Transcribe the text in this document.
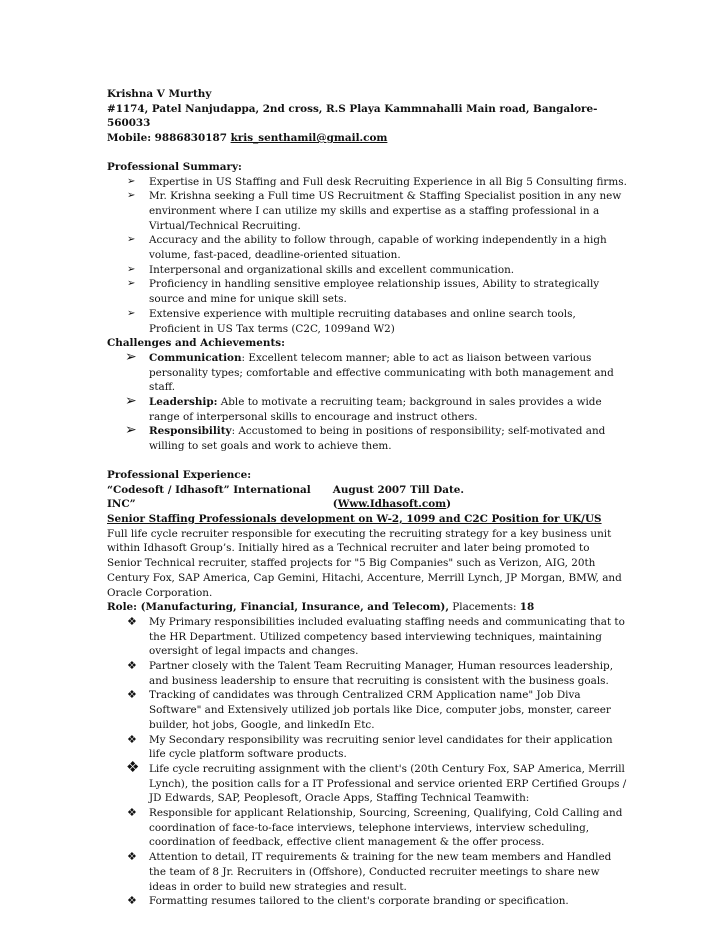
Krishna V Murthy
#1174, Patel Nanjudappa, 2nd cross, R.S Playa Kammnahalli Main road, Bangalore-560033
Mobile: 9886830187 kris_senthamil@gmail.com
Professional Summary:
➢ Expertise in US Staffing and Full desk Recruiting Experience in all Big 5 Consulting firms.
➢ Mr. Krishna seeking a Full time US Recruitment & Staffing Specialist position in any new environment where I can utilize my skills and expertise as a staffing professional in a Virtual/Technical Recruiting.
➢ Accuracy and the ability to follow through, capable of working independently in a high volume, fast-paced, deadline-oriented situation.
➢ Interpersonal and organizational skills and excellent communication.
➢ Proficiency in handling sensitive employee relationship issues, Ability to strategically source and mine for unique skill sets.
➢ Extensive experience with multiple recruiting databases and online search tools, Proficient in US Tax terms (C2C, 1099and W2)
Challenges and Achievements:
➢ Communication: Excellent telecom manner; able to act as liaison between various personality types; comfortable and effective communicating with both management and staff.
➢ Leadership: Able to motivate a recruiting team; background in sales provides a wide range of interpersonal skills to encourage and instruct others.
➢ Responsibility: Accustomed to being in positions of responsibility; self-motivated and willing to set goals and work to achieve them.
Professional Experience:
“Codesoft / Idhasoft” International INC”
August 2007 Till Date. (Www.Idhasoft.com)
Senior Staffing Professionals development on W-2, 1099 and C2C Position for UK/US
Full life cycle recruiter responsible for executing the recruiting strategy for a key business unit within Idhasoft Group’s. Initially hired as a Technical recruiter and later being promoted to Senior Technical recruiter, staffed projects for "5 Big Companies" such as Verizon, AIG, 20th Century Fox, SAP America, Cap Gemini, Hitachi, Accenture, Merrill Lynch, JP Morgan, BMW, and Oracle Corporation.
Role: (Manufacturing, Financial, Insurance, and Telecom), Placements: 18
❖ My Primary responsibilities included evaluating staffing needs and communicating that to the HR Department. Utilized competency based interviewing techniques, maintaining oversight of legal impacts and changes.
❖ Partner closely with the Talent Team Recruiting Manager, Human resources leadership, and business leadership to ensure that recruiting is consistent with the business goals.
❖ Tracking of candidates was through Centralized CRM Application name" Job Diva Software" and Extensively utilized job portals like Dice, computer jobs, monster, career builder, hot jobs, Google, and linkedIn Etc.
❖ My Secondary responsibility was recruiting senior level candidates for their application life cycle platform software products.
❖ Life cycle recruiting assignment with the client's (20th Century Fox, SAP America, Merrill Lynch), the position calls for a IT Professional and service oriented ERP Certified Groups / JD Edwards, SAP, Peoplesoft, Oracle Apps, Staffing Technical Teamwith:
❖ Responsible for applicant Relationship, Sourcing, Screening, Qualifying, Cold Calling and coordination of face-to-face interviews, telephone interviews, interview scheduling, coordination of feedback, effective client management & the offer process.
❖ Attention to detail, IT requirements & training for the new team members and Handled the team of 8 Jr. Recruiters in (Offshore), Conducted recruiter meetings to share new ideas in order to build new strategies and result.
❖ Formatting resumes tailored to the client's corporate branding or specification.
